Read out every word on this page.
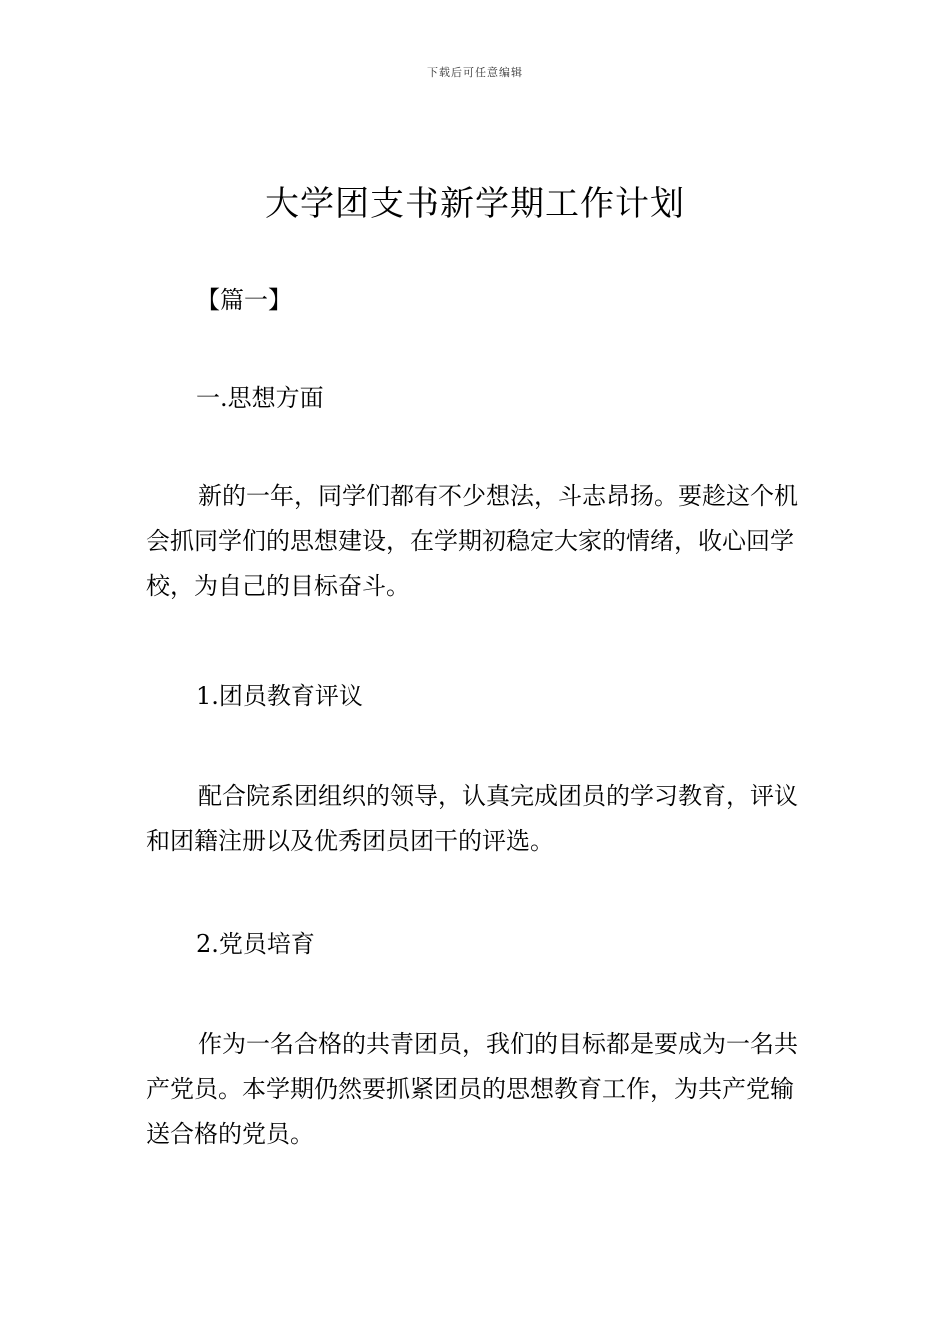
下载后可任意编辑
大学团支书新学期工作计划
【篇一】
一.思想方面

新的一年，同学们都有不少想法，斗志昂扬。要趁这个机会抓同学们的思想建设，在学期初稳定大家的情绪，收心回学校，为自己的目标奋斗。

1.团员教育评议

配合院系团组织的领导，认真完成团员的学习教育，评议和团籍注册以及优秀团员团干的评选。

2.党员培育

作为一名合格的共青团员，我们的目标都是要成为一名共产党员。本学期仍然要抓紧团员的思想教育工作，为共产党输送合格的党员。
